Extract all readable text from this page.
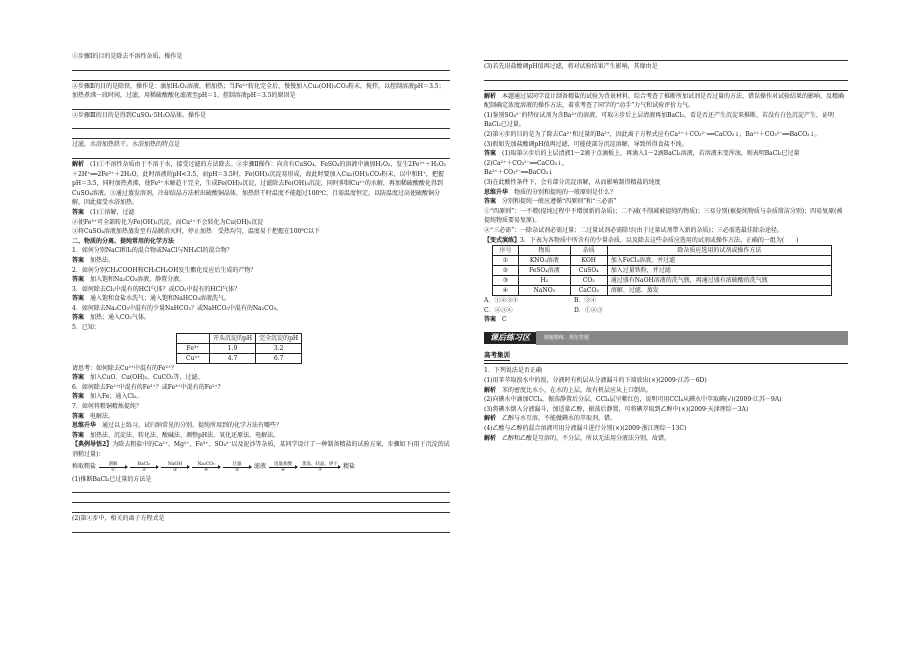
①步骤Ⅰ的目的是除去不溶性杂质，操作是

②步骤Ⅱ的目的是除铁，操作是：滴加H₂O₂溶液，稍加热；当Fe²⁺转化完全后，慢慢加入Cu₂(OH)₂CO₃粉末，搅拌，以控制溶液pH＝3.5；加热煮沸一段时间，过滤，用稀硫酸酸化滤液至pH＝1。控制溶液pH＝3.5的原因是

③步骤Ⅲ的目的是得到CuSO₄·5H₂O晶体。操作是

过滤，水浴加热烘干。水浴加热的特点是

解析　 (1)①不溶性杂质由于不溶于水，接受过滤的方法除去。②步骤Ⅱ操作：向含有CuSO₄、FeSO₄的溶液中滴加H₂O₂，发生2Fe²⁺＋H₂O₂＋2H⁺══2Fe³⁺＋2H₂O，此时溶液的pH<3.5，而pH＝3.5时，Fe(OH)₃沉淀易形成，故此时要加入Cu₂(OH)₂CO₃粉末，以中和H⁺，把握pH＝3.5，同时加热煮沸，使Fe³⁺水解趋于完全，生成Fe(OH)₃沉淀，过滤除去Fe(OH)₃沉淀，同时抑制Cu²⁺的水解，再加稀硫酸酸化得到CuSO₄溶液。③通过蒸发溶剂，冷却结晶方法析出硫酸铜晶体，加热烘干时温度不能超过100℃，且需温度恒定，以防温度过高使硫酸铜分解，因此接受水浴加热。

答案　 (1)①溶解，过滤

②使Fe³⁺可全部转化为Fe(OH)₃沉淀，而Cu²⁺不会转化为Cu(OH)₂沉淀

③将CuSO₄溶液加热蒸发至有晶膜消灭时，停止加热　受热均匀，温度易于把握在100℃以下

二、物质的分离、提纯常用的化学方法

1．如何分别NaCl和I₂的混合物或NaCl与NH₄Cl的混合物？

答案　 加热法。

2．如何分别CH₃COOH和CH₃CH₂OH发生酯化反应后生成的产物？

答案　 加入饱和Na₂CO₃溶液，静置分液。

3．如何除去Cl₂中混有的HCl气体？或CO₂中混有的HCl气体？

答案　 通入饱和食盐水洗气；通入饱和NaHCO₃溶液洗气。

4．如何除去Na₂CO₃中混有的少量NaHCO₃？或NaHCO₃中混有的Na₂CO₃。

答案　 加热；通入CO₂气体。

5．已知：

	开头沉淀的pH	完全沉淀的pH
Fe³⁺	1.9	3.2
Cu²⁺	4.7	6.7

请思考：如何除去Cu²⁺中混有的Fe³⁺？

答案　 加入CuO、Cu(OH)₂、CuCO₃等，过滤。

6．如何除去Fe²⁺中混有的Fe³⁺？或Fe³⁺中混有的Fe²⁺？

答案　 加入Fe；通入Cl₂。

7．如何将粗铜精炼提纯？

答案　 电解法。

思维升华　 通过以上练习，试归纳常见的分别、提纯所用到的化学方法有哪些？

答案　 加热法、沉淀法、转化法、酸碱法、调整pH法、氧化还原法、电解法。

【典例导悟2】为除去粗盐中的Ca²⁺、Mg²⁺、Fe³⁺、SO₄²⁻以及泥沙等杂质，某同学设计了一种制备精盐的试验方案，步骤如下(用于沉淀的试剂稍过量)：

称取粗盐	溶解
①
BaCl₂
②
NaOH
③
Na₂CO₃
④
过滤
⑤ 滤液 适量盐酸
⑥
蒸发、结晶、烘干
⑦	精盐

(1)推断BaCl₂已过量的方法是

(2)第④步中，相关的离子方程式是

(3)若先用盐酸调pH值再过滤，将对试验结果产生影响，其缘由是

解析　 本题通过某同学设计制备精盐的试验为背景材料，综合考查了推断所加试剂是否过量的方法、错误操作对试验结果的影响、及精确配制确定浓度溶液的操作方法，着重考查了同学的“动手”力气和试验评价力气。

(1)鉴别SO₄²⁻的特征试剂为含Ba²⁺的溶液，可取②步后上层清液再加BaCl₂，看是否还产生沉淀来推断，若没有白色沉淀产生，证明BaCl₂已过量。

(2)第④步的目的是为了除去Ca²⁺和过量的Ba²⁺，因此离子方程式应有Ca²⁺＋CO₃²⁻══CaCO₃↓，Ba²⁺＋CO₃²⁻══BaCO₃↓。

(3)假如先加盐酸调pH值再过滤，可能使部分沉淀溶解，导致所得食盐不纯。

答案　 (1)取第②步后的上层清液1～2滴于点滴板上，再滴入1～2滴BaCl₂溶液，若溶液未变浑浊，则表明BaCl₂已过量

(2)Ca²⁺＋CO₃²⁻══CaCO₃↓，

Ba²⁺＋CO₃²⁻══BaCO₃↓

(3)在此酸性条件下，会有部分沉淀溶解，从而影响制得精盐的纯度

思维升华　 物质的分别和提纯的一般原则是什么？

答案　 分别和提纯一般应遵循“四原则”和“三必需”

①“四原则”：一不增(提纯过程中不增加新的杂质)；二不减(不削减被提纯的物质)；三易分别(被提纯物质与杂质简洁分别)；四易复原(被提纯物质要易复原)。

②“三必需”：一除杂试剂必需过量；二过量试剂必需除尽(由于过量试剂带入新的杂质)；三必需选最佳除杂途径。

【变式演练】3．下表为各物质中所含有的少量杂质，以及除去这些杂质应选用的试剂或操作方法。正确的一组为(　　)

序号	物质	杂质	除杂质应选用的试剂或操作方法
①	KNO₃溶液	KOH	加入FeCl₃溶液，并过滤
②	FeSO₄溶液	CuSO₄	加入过量铁粉，并过滤
③	H₂	CO₂	通过盛有NaOH溶液的洗气瓶，再通过盛有浓硫酸的洗气瓶
④	NaNO₃	CaCO₃	溶解、过滤、蒸发

A．①②③④	B．③④

C．②③④	D．①②③

答案　 C

课后练习区	精题精练　规范答题
高考集训

1．下列说法是否正确

(1)用苯萃取溴水中的溴，分液时有机层从分液漏斗的下端放出(×)(2009·江苏－6D)

解析　 苯的密度比水小，在水的上层，故有机层应从上口倒出。

(2)向碘水中滴加CCl₄，振荡静置后分层，CCl₄层呈紫红色，说明可用CCl₄从碘水中萃取碘(√)(2009·江苏－9A)

(3)将碘水倒入分液漏斗，加适量乙醇，振荡后静置，可将碘萃取到乙醇中(×)(2009·天津理综－3A)

解析　 乙醇与水互溶，不能做碘水的萃取剂，错。

(4)乙酸与乙醇的混合溶液可用分液漏斗进行分别(×)(2009·浙江理综－13C)

解析　 乙醇和乙酸是互溶的，不分层，所以无法用分液法分别，故错。
